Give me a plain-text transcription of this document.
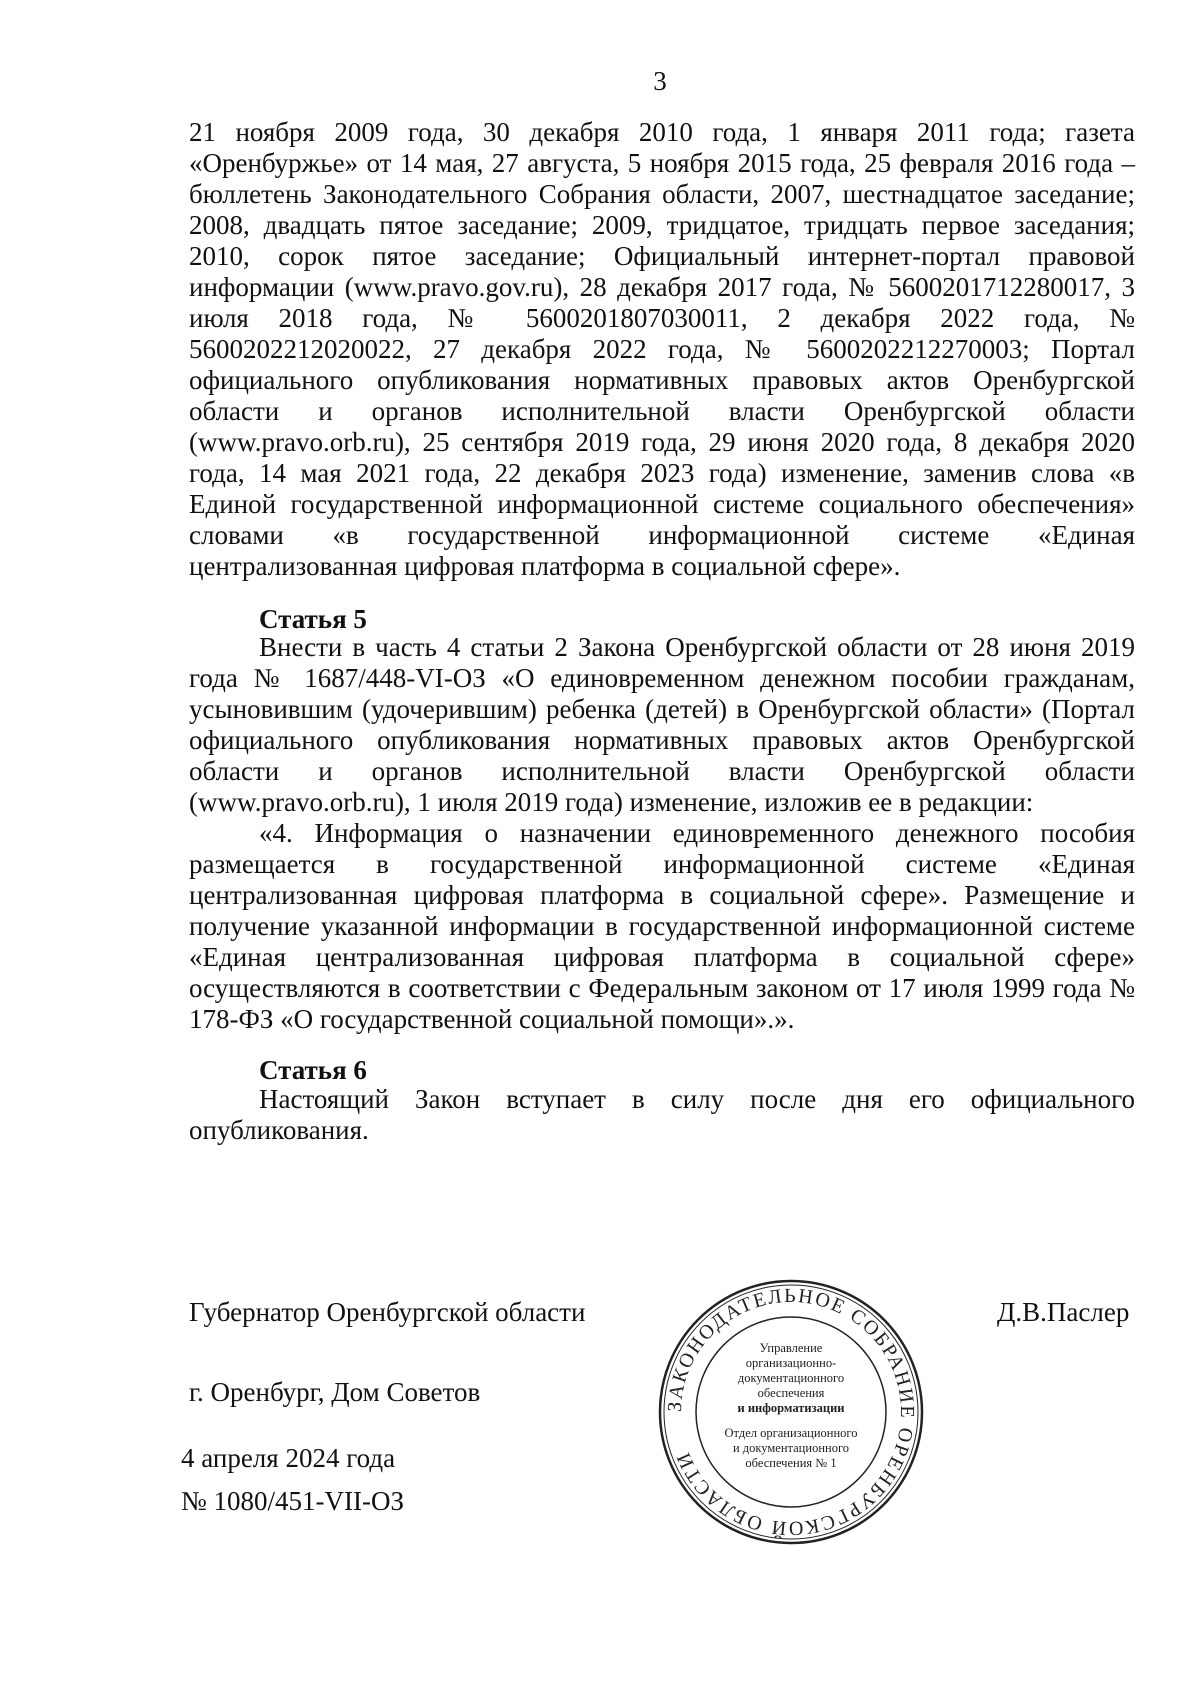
3

21 ноября 2009 года, 30 декабря 2010 года, 1 января 2011 года; газета «Оренбуржье» от 14 мая, 27 августа, 5 ноября 2015 года, 25 февраля 2016 года – бюллетень Законодательного Собрания области, 2007, шестнадцатое заседание; 2008, двадцать пятое заседание; 2009, тридцатое, тридцать первое заседания; 2010, сорок пятое заседание; Официальный интернет-портал правовой информации (www.pravo.gov.ru), 28 декабря 2017 года, № 5600201712280017, 3 июля 2018 года, № 5600201807030011, 2 декабря 2022 года, № 5600202212020022, 27 декабря 2022 года, № 5600202212270003; Портал официального опубликования нормативных правовых актов Оренбургской области и органов исполнительной власти Оренбургской области (www.pravo.orb.ru), 25 сентября 2019 года, 29 июня 2020 года, 8 декабря 2020 года, 14 мая 2021 года, 22 декабря 2023 года) изменение, заменив слова «в Единой государственной информационной системе социального обеспечения» словами «в государственной информационной системе «Единая централизованная цифровая платформа в социальной сфере».

Статья 5

Внести в часть 4 статьи 2 Закона Оренбургской области от 28 июня 2019 года № 1687/448-VI-ОЗ «О единовременном денежном пособии гражданам, усыновившим (удочерившим) ребенка (детей) в Оренбургской области» (Портал официального опубликования нормативных правовых актов Оренбургской области и органов исполнительной власти Оренбургской области (www.pravo.orb.ru), 1 июля 2019 года) изменение, изложив ее в редакции:

«4. Информация о назначении единовременного денежного пособия размещается в государственной информационной системе «Единая централизованная цифровая платформа в социальной сфере». Размещение и получение указанной информации в государственной информационной системе «Единая централизованная цифровая платформа в социальной сфере» осуществляются в соответствии с Федеральным законом от 17 июля 1999 года № 178-ФЗ «О государственной социальной помощи».».

Статья 6

Настоящий Закон вступает в силу после дня его официального опубликования.

Губернатор Оренбургской области	Д.В.Паслер
г. Оренбург, Дом Советов
4 апреля 2024 года
№ 1080/451-VII-ОЗ
ЗАКОНОДАТЕЛЬНОЕ СОБРАНИЕ ОРЕНБУРГСКОЙ ОБЛАСТИ
Управление
организационно-
документационного
обеспечения
и информатизации
Отдел организационного
и документационного
обеспечения № 1
